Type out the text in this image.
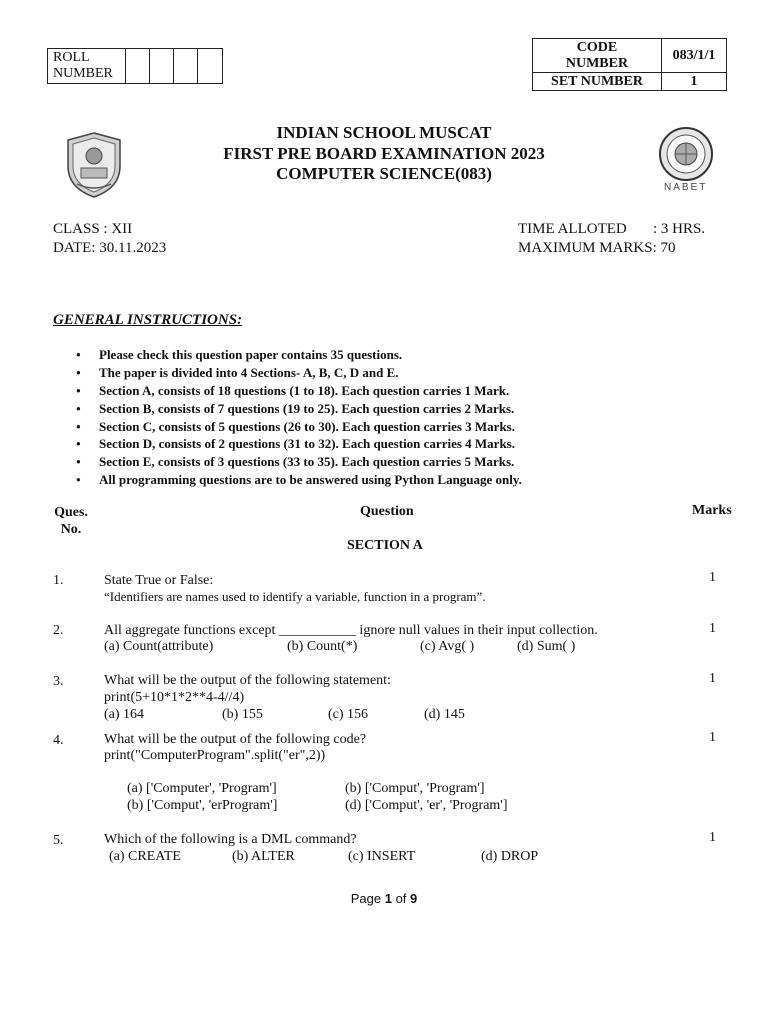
ROLL
NUMBER
CODE
NUMBER	083/1/1
SET NUMBER	1
NABET
INDIAN SCHOOL MUSCAT
FIRST PRE BOARD EXAMINATION 2023
COMPUTER SCIENCE(083)
CLASS : XII
DATE: 30.11.2023
TIME ALLOTED : 3 HRS.
MAXIMUM MARKS: 70
GENERAL INSTRUCTIONS:
● Please check this question paper contains 35 questions.
● The paper is divided into 4 Sections- A, B, C, D and E.
● Section A, consists of 18 questions (1 to 18). Each question carries 1 Mark.
● Section B, consists of 7 questions (19 to 25). Each question carries 2 Marks.
● Section C, consists of 5 questions (26 to 30). Each question carries 3 Marks.
● Section D, consists of 2 questions (31 to 32). Each question carries 4 Marks.
● Section E, consists of 3 questions (33 to 35). Each question carries 5 Marks.
● All programming questions are to be answered using Python Language only.
Ques.
No.
Question	Marks
SECTION A
1.	State True or False:
“Identifiers are names used to identify a variable, function in a program”.
1
2.	All aggregate functions except ___________ ignore null values in their input collection.
(a) Count(attribute)	(b) Count(*)	(c) Avg( )	(d) Sum( )
1
3.	What will be the output of the following statement:
print(5+10*1*2**4-4//4)
(a) 164	(b) 155	(c) 156	(d) 145
1
4.	What will be the output of the following code?
print("ComputerProgram".split("er",2))
(a) ['Computer', 'Program']	(b) ['Comput', 'Program']
(b) ['Comput', 'erProgram']	(d) ['Comput', 'er', 'Program']
1
5.	Which of the following is a DML command?
(a) CREATE	(b) ALTER	(c) INSERT	(d) DROP
1
Page 1 of 9
